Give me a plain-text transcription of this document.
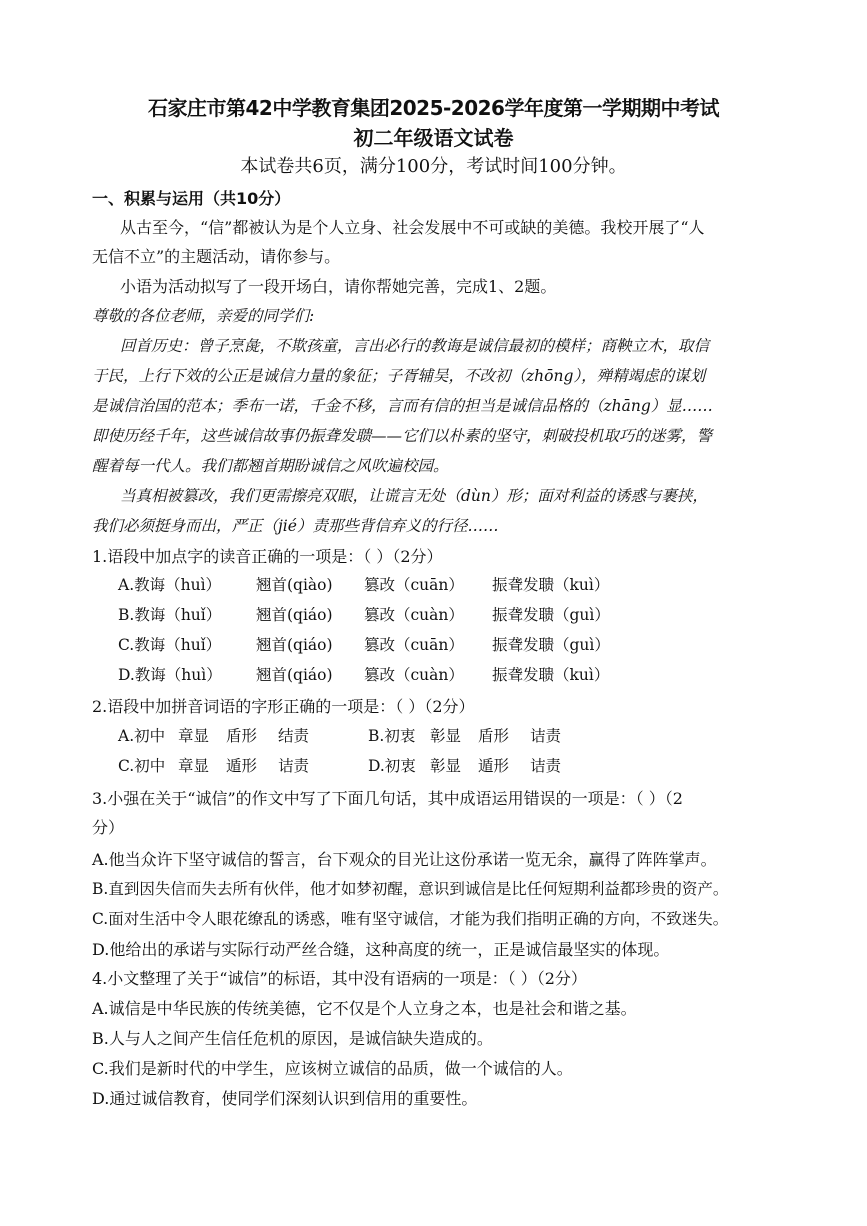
石家庄市第42中学教育集团2025-2026学年度第一学期期中考试
初二年级语文试卷
本试卷共6页，满分100分，考试时间100分钟。
一、积累与运用（共10分）
从古至今，“信”都被认为是个人立身、社会发展中不可或缺的美德。我校开展了“人
无信不立”的主题活动，请你参与。
小语为活动拟写了一段开场白，请你帮她完善，完成1、2题。
尊敬的各位老师，亲爱的同学们:
回首历史：曾子烹彘，不欺孩童，言出必行的教诲是诚信最初的模样；商鞅立木，取信
于民，上行下效的公正是诚信力量的象征；子胥辅吴，不改初（zhōng），殚精竭虑的谋划
是诚信治国的范本；季布一诺，千金不移，言而有信的担当是诚信品格的（zhāng）显……
即使历经千年，这些诚信故事仍振聋发聩——它们以朴素的坚守，刺破投机取巧的迷雾，警
醒着每一代人。我们都翘首期盼诚信之风吹遍校园。
当真相被篡改，我们更需擦亮双眼，让谎言无处（dùn）形；面对利益的诱惑与裹挟，
我们必须挺身而出，严正（jié）责那些背信弃义的行径……
1.语段中加点字的读音正确的一项是：（ ）（2分）
A.教诲（huì） 翘首(qiào) 篡改（cuān） 振聋发聩（kuì）
B.教诲（huǐ） 翘首(qiáo) 篡改（cuàn） 振聋发聩（guì）
C.教诲（huǐ） 翘首(qiáo) 篡改（cuān） 振聋发聩（guì）
D.教诲（huì） 翘首(qiáo) 篡改（cuàn） 振聋发聩（kuì）
2.语段中加拼音词语的字形正确的一项是：（ ）（2分）
A.初中 章显 盾形 结责	B.初衷 彰显 盾形 诘责
C.初中 章显 遁形 诘责	D.初衷 彰显 遁形 诘责
3.小强在关于“诚信”的作文中写了下面几句话，其中成语运用错误的一项是：（ ）（2
分）
A.他当众许下坚守诚信的誓言，台下观众的目光让这份承诺一览无余，赢得了阵阵掌声。
B.直到因失信而失去所有伙伴，他才如梦初醒，意识到诚信是比任何短期利益都珍贵的资产。
C.面对生活中令人眼花缭乱的诱惑，唯有坚守诚信，才能为我们指明正确的方向，不致迷失。
D.他给出的承诺与实际行动严丝合缝，这种高度的统一，正是诚信最坚实的体现。
4.小文整理了关于“诚信”的标语，其中没有语病的一项是：（ ）（2分）
A.诚信是中华民族的传统美德，它不仅是个人立身之本，也是社会和谐之基。
B.人与人之间产生信任危机的原因，是诚信缺失造成的。
C.我们是新时代的中学生，应该树立诚信的品质，做一个诚信的人。
D.通过诚信教育，使同学们深刻认识到信用的重要性。
